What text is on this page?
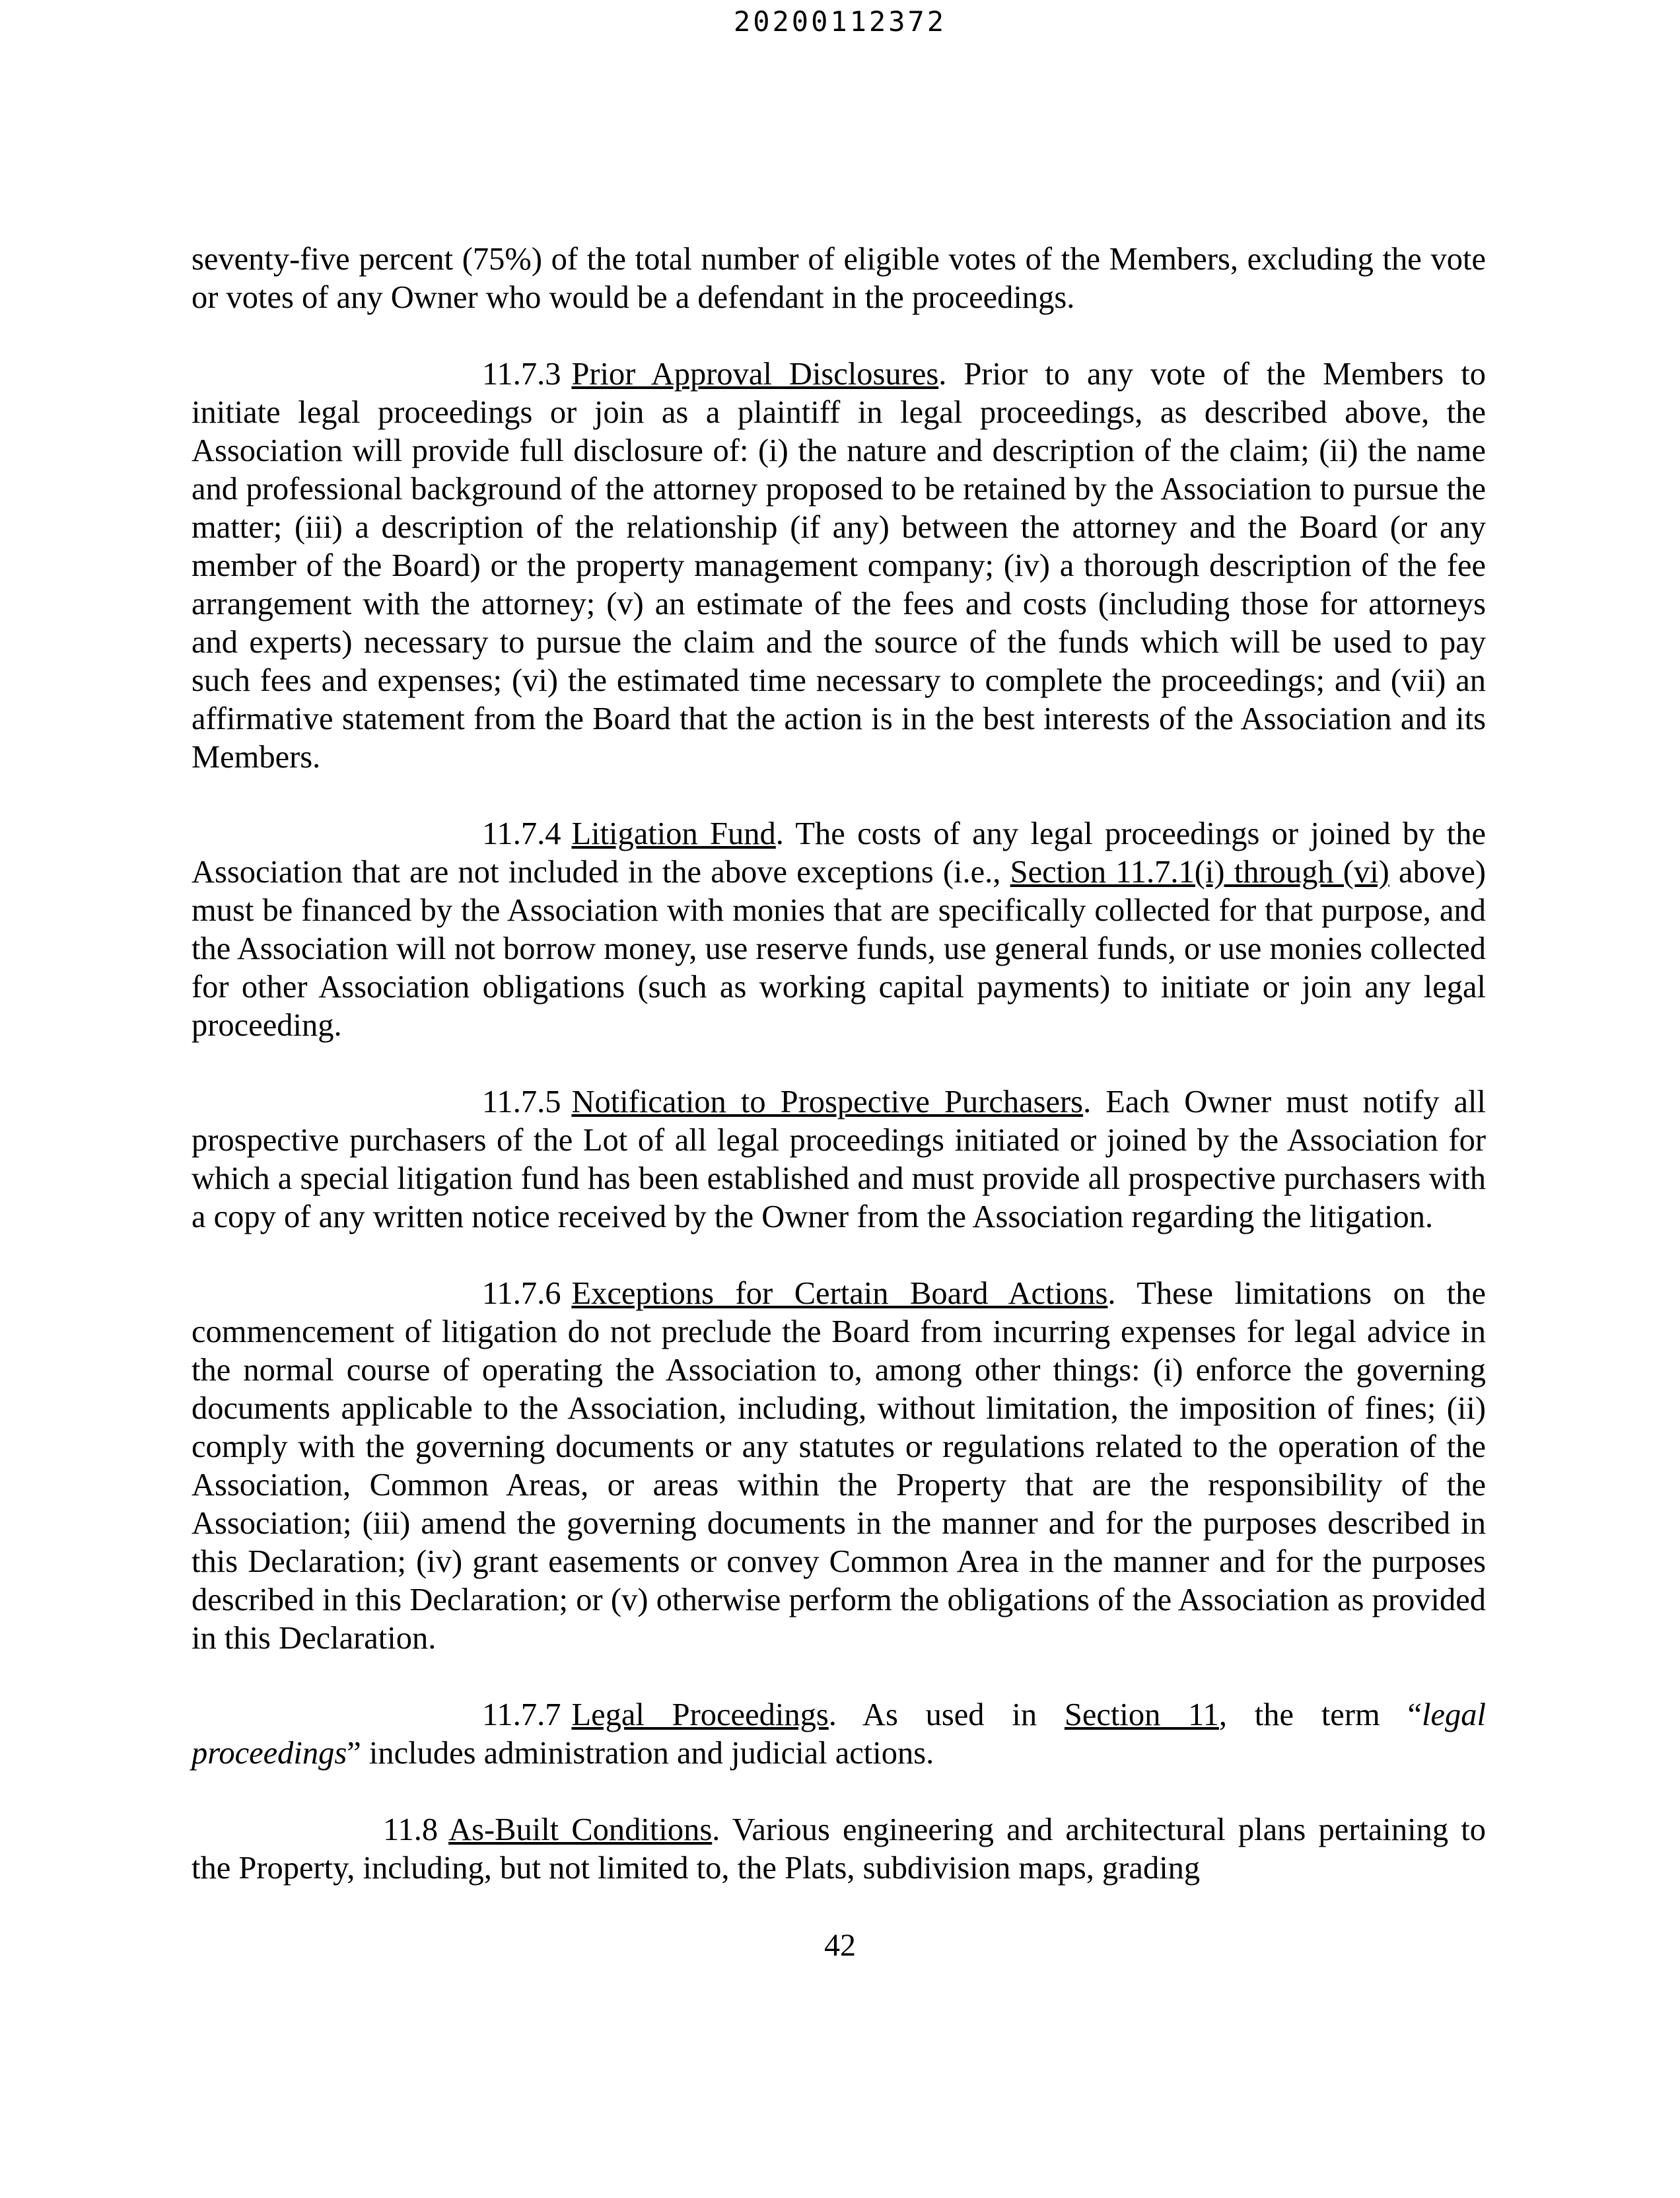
20200112372

seventy-five percent (75%) of the total number of eligible votes of the Members, excluding the vote or votes of any Owner who would be a defendant in the proceedings.

11.7.3 Prior Approval Disclosures. Prior to any vote of the Members to initiate legal proceedings or join as a plaintiff in legal proceedings, as described above, the Association will provide full disclosure of: (i) the nature and description of the claim; (ii) the name and professional background of the attorney proposed to be retained by the Association to pursue the matter; (iii) a description of the relationship (if any) between the attorney and the Board (or any member of the Board) or the property management company; (iv) a thorough description of the fee arrangement with the attorney; (v) an estimate of the fees and costs (including those for attorneys and experts) necessary to pursue the claim and the source of the funds which will be used to pay such fees and expenses; (vi) the estimated time necessary to complete the proceedings; and (vii) an affirmative statement from the Board that the action is in the best interests of the Association and its Members.

11.7.4 Litigation Fund. The costs of any legal proceedings or joined by the Association that are not included in the above exceptions (i.e., Section 11.7.1(i) through (vi) above) must be financed by the Association with monies that are specifically collected for that purpose, and the Association will not borrow money, use reserve funds, use general funds, or use monies collected for other Association obligations (such as working capital payments) to initiate or join any legal proceeding.

11.7.5 Notification to Prospective Purchasers. Each Owner must notify all prospective purchasers of the Lot of all legal proceedings initiated or joined by the Association for which a special litigation fund has been established and must provide all prospective purchasers with a copy of any written notice received by the Owner from the Association regarding the litigation.

11.7.6 Exceptions for Certain Board Actions. These limitations on the commencement of litigation do not preclude the Board from incurring expenses for legal advice in the normal course of operating the Association to, among other things: (i) enforce the governing documents applicable to the Association, including, without limitation, the imposition of fines; (ii) comply with the governing documents or any statutes or regulations related to the operation of the Association, Common Areas, or areas within the Property that are the responsibility of the Association; (iii) amend the governing documents in the manner and for the purposes described in this Declaration; (iv) grant easements or convey Common Area in the manner and for the purposes described in this Declaration; or (v) otherwise perform the obligations of the Association as provided in this Declaration.

11.7.7 Legal Proceedings. As used in Section 11, the term “legal proceedings” includes administration and judicial actions.

11.8 As-Built Conditions. Various engineering and architectural plans pertaining to the Property, including, but not limited to, the Plats, subdivision maps, grading

42
